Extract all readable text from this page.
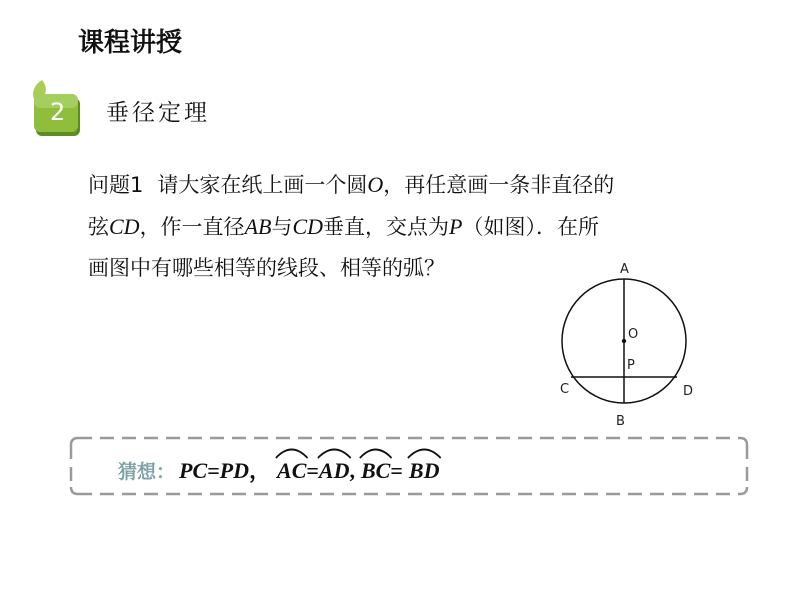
课程讲授
2 垂径定理
问题1 请大家在纸上画一个圆O，再任意画一条非直径的
弦CD，作一直径AB与CD垂直，交点为P（如图）．在所
画图中有哪些相等的线段、相等的弧？	A
O
P
C	D
B
猜想： PC=PD ， AC = AD , BC = BD
